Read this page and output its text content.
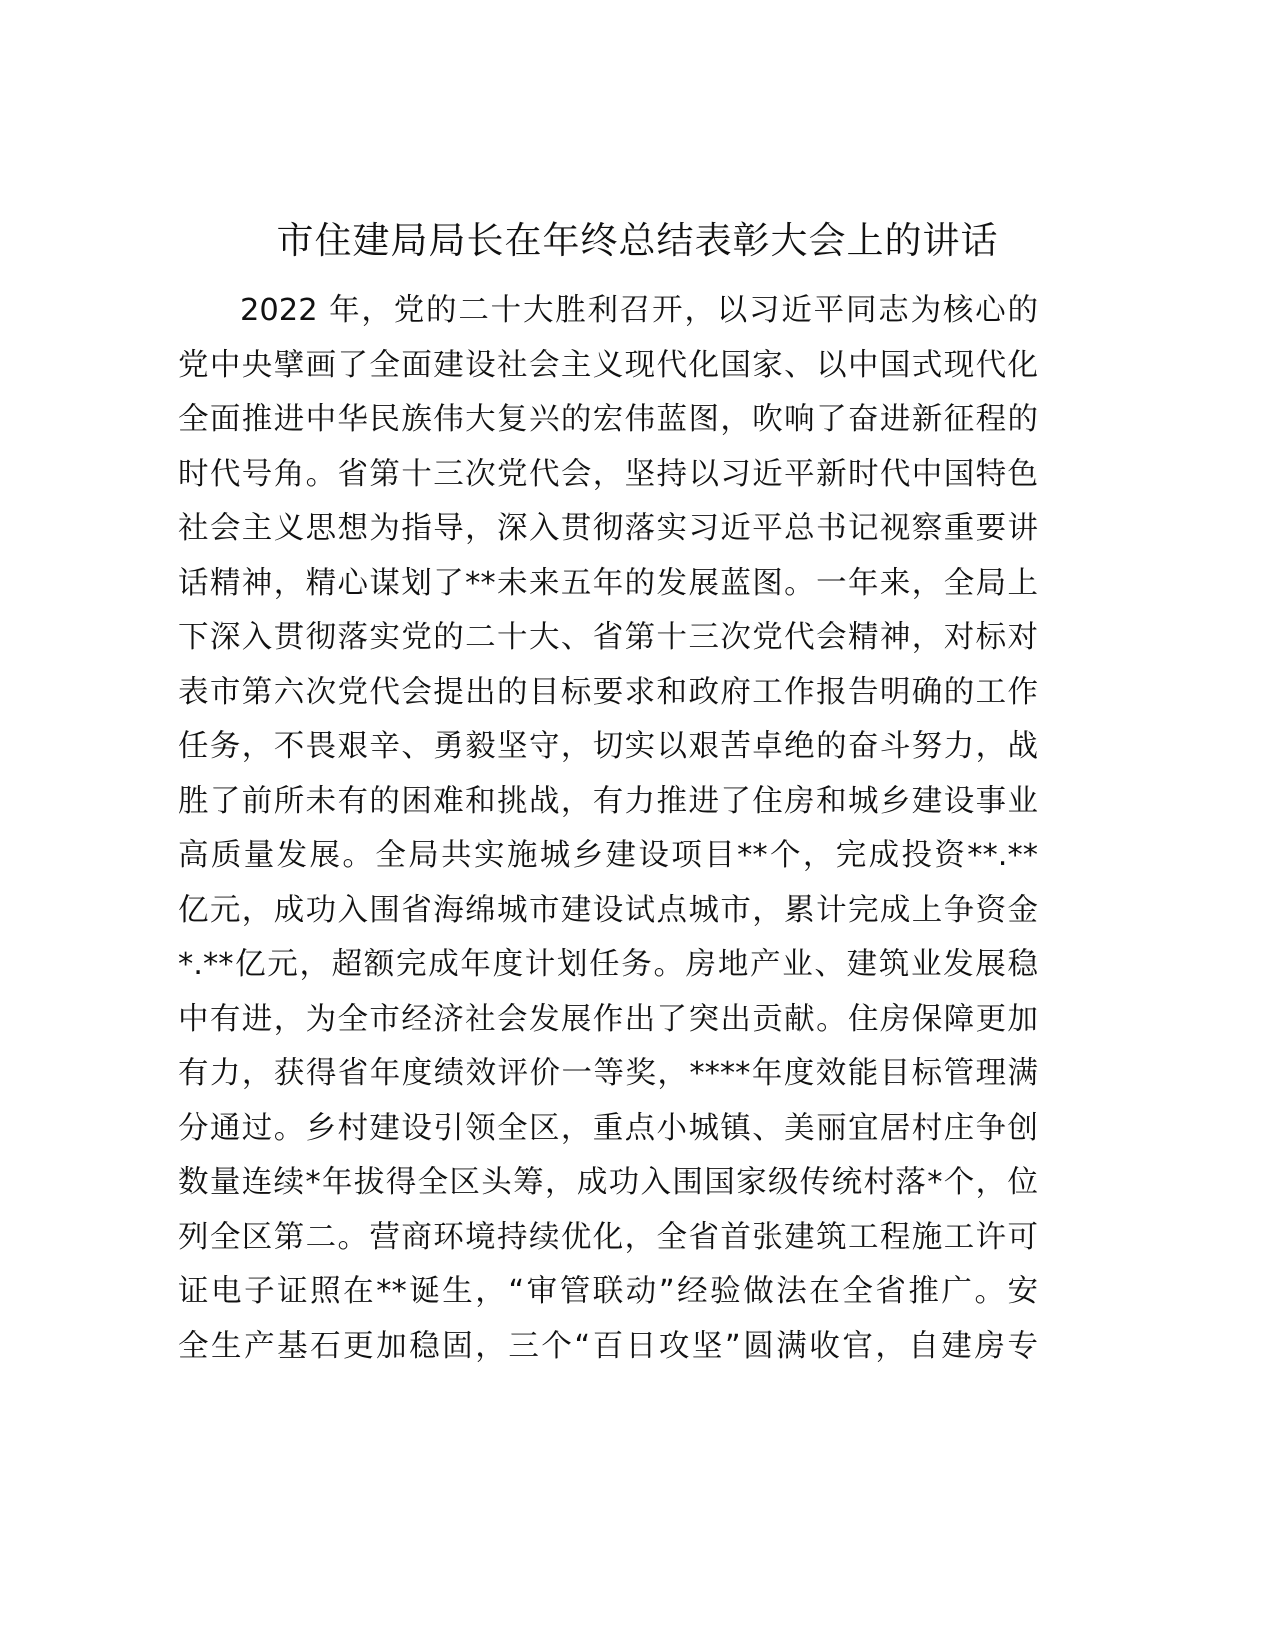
市住建局局长在年终总结表彰大会上的讲话
2022 年，党的二十大胜利召开，以习近平同志为核心的
党中央擘画了全面建设社会主义现代化国家、以中国式现代化
全面推进中华民族伟大复兴的宏伟蓝图，吹响了奋进新征程的
时代号角。省第十三次党代会，坚持以习近平新时代中国特色
社会主义思想为指导，深入贯彻落实习近平总书记视察重要讲
话精神，精心谋划了**未来五年的发展蓝图。一年来，全局上
下深入贯彻落实党的二十大、省第十三次党代会精神，对标对
表市第六次党代会提出的目标要求和政府工作报告明确的工作
任务，不畏艰辛、勇毅坚守，切实以艰苦卓绝的奋斗努力，战
胜了前所未有的困难和挑战，有力推进了住房和城乡建设事业
高质量发展。全局共实施城乡建设项目**个，完成投资**.**
亿元，成功入围省海绵城市建设试点城市，累计完成上争资金
*.**亿元，超额完成年度计划任务。房地产业、建筑业发展稳
中有进，为全市经济社会发展作出了突出贡献。住房保障更加
有力，获得省年度绩效评价一等奖，****年度效能目标管理满
分通过。乡村建设引领全区，重点小城镇、美丽宜居村庄争创
数量连续*年拔得全区头筹，成功入围国家级传统村落*个，位
列全区第二。营商环境持续优化，全省首张建筑工程施工许可
证电子证照在**诞生，“审管联动”经验做法在全省推广。安
全生产基石更加稳固，三个“百日攻坚”圆满收官，自建房专
